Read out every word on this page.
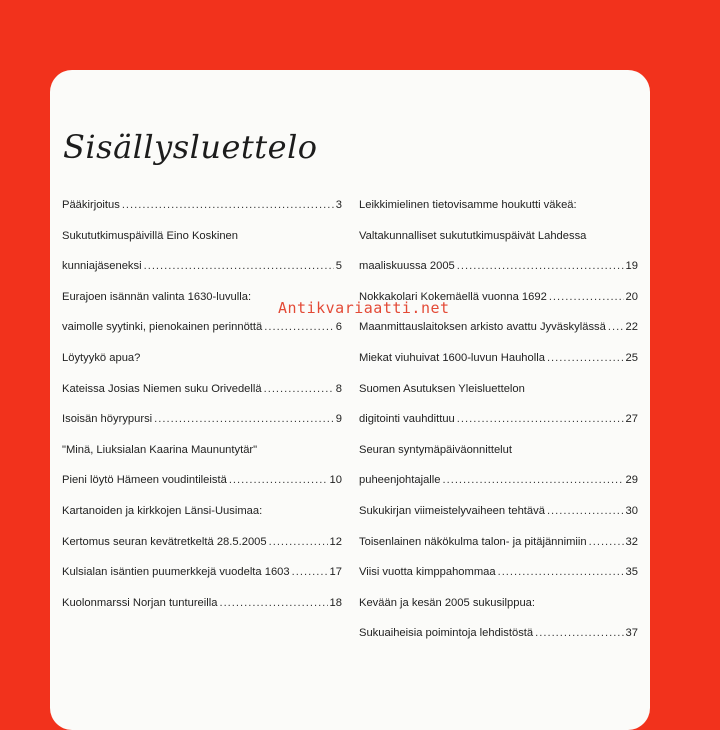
Sisällysluettelo
Pääkirjoitus .....	3
Sukututkimuspäivillä Eino Koskinen
kunniajäseneksi .....	5
Eurajoen isännän valinta 1630-luvulla:
vaimolle syytinki, pienokainen perinnöttä .....	6
Löytyykö apua?
Kateissa Josias Niemen suku Orivedellä .....	8
Isoisän höyrypursi .....	9
"Minä, Liuksialan Kaarina Maununtytär"
Pieni löytö Hämeen voudintileistä .....	10
Kartanoiden ja kirkkojen Länsi-Uusimaa:
Kertomus seuran kevätretkeltä 28.5.2005 .....	12
Kulsialan isäntien puumerkkejä vuodelta 1603 .....	17
Kuolonmarssi Norjan tuntureilla .....	18
Leikkimielinen tietovisamme houkutti väkeä:
Valtakunnalliset sukututkimuspäivät Lahdessa
maaliskuussa 2005 .....	19
Nokkakolari Kokemäellä vuonna 1692 .....	20
Maanmittauslaitoksen arkisto avattu Jyväskylässä ..... 22
Miekat viuhuivat 1600-luvun Hauholla .....	25
Suomen Asutuksen Yleisluettelon
digitointi vauhdittuu .....	27
Seuran syntymäpäiväonnittelut
puheenjohtajalle .....	29
Sukukirjan viimeistelyvaiheen tehtävä .....	30
Toisenlainen näkökulma talon- ja pitäjännimiin .....	32
Viisi vuotta kimppahommaa .....	35
Kevään ja kesän 2005 sukusilppua:
Sukuaiheisia poimintoja lehdistöstä .....	37
Antikvariaatti.net
